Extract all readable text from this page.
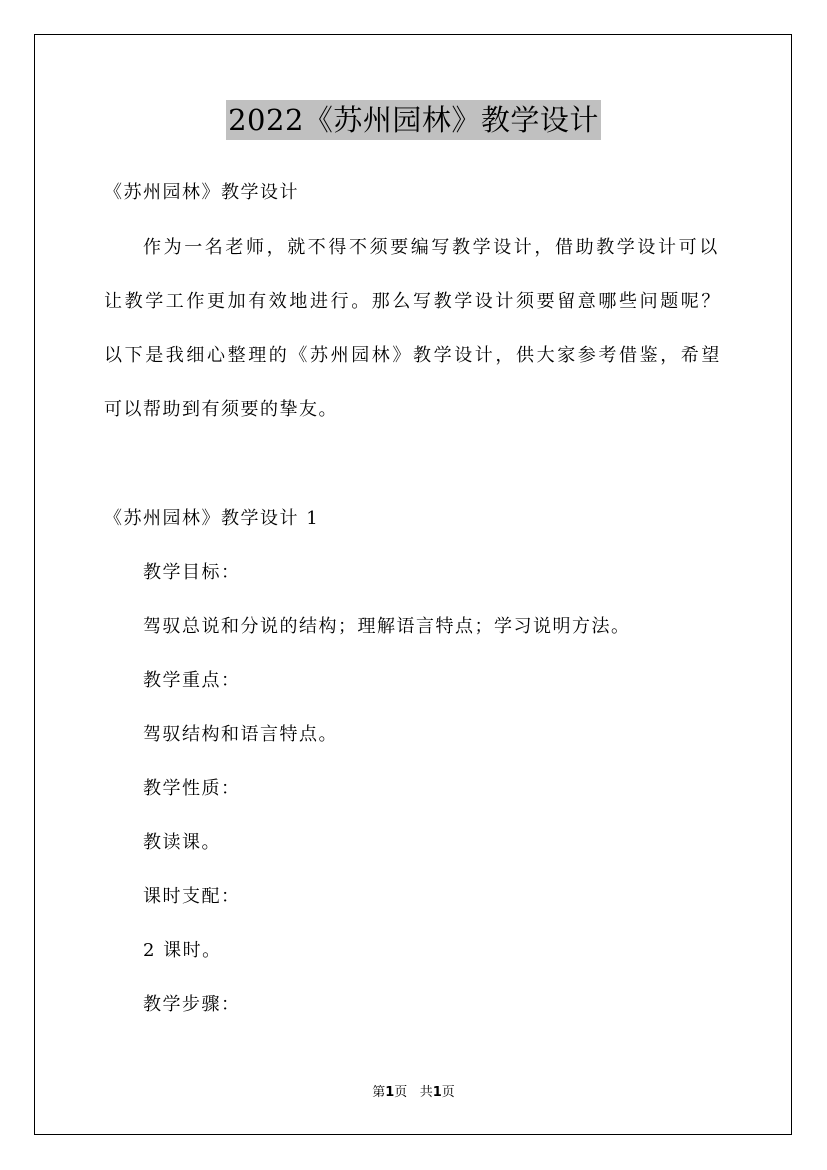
2022《苏州园林》教学设计
《苏州园林》教学设计
作为一名老师，就不得不须要编写教学设计，借助教学设计可以
让教学工作更加有效地进行。那么写教学设计须要留意哪些问题呢？
以下是我细心整理的《苏州园林》教学设计，供大家参考借鉴，希望
可以帮助到有须要的挚友。
《苏州园林》教学设计 1
教学目标：
驾驭总说和分说的结构；理解语言特点；学习说明方法。
教学重点：
驾驭结构和语言特点。
教学性质：
教读课。
课时支配：
2 课时。
教学步骤：
第1页 共1页
